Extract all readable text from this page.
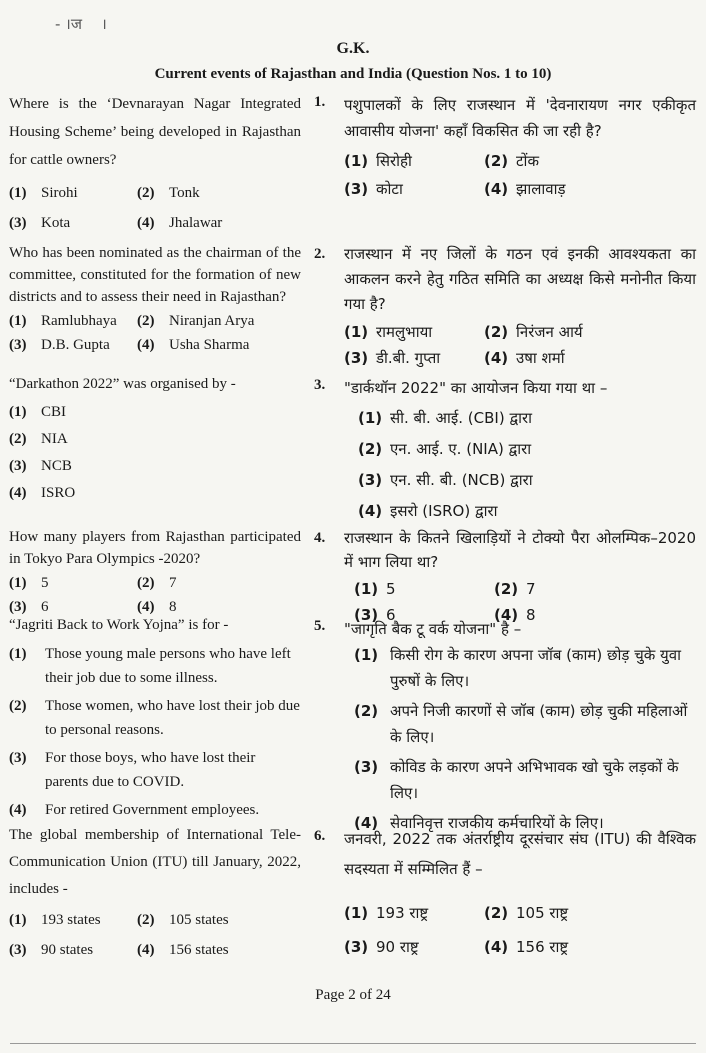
- ।ज    ।
G.K.
Current events of Rajasthan and India (Question Nos. 1 to 10)
Where is the ‘Devnarayan Nagar Integrated Housing Scheme’ being developed in Rajasthan for cattle owners?
(1) Sirohi	(2) Tonk
(3) Kota	(4) Jhalawar
1. पशुपालकों के लिए राजस्थान में 'देवनारायण नगर एकीकृत आवासीय योजना' कहाँ विकसित की जा रही है?
(1) सिरोही	(2) टोंक
(3) कोटा	(4) झालावाड़
Who has been nominated as the chairman of the committee, constituted for the formation of new districts and to assess their need in Rajasthan?
(1) Ramlubhaya (2) Niranjan Arya
(3) D.B. Gupta (4) Usha Sharma
2. राजस्थान में नए जिलों के गठन एवं इनकी आवश्यकता का आकलन करने हेतु गठित समिति का अध्यक्ष किसे मनोनीत किया गया है?
(1) रामलुभाया	(2) निरंजन आर्य
(3) डी.बी. गुप्ता	(4) उषा शर्मा
“Darkathon 2022” was organised by -
(1) CBI
(2) NIA
(3) NCB
(4) ISRO
3. "डार्कथॉन 2022" का आयोजन किया गया था –
(1) सी. बी. आई. (CBI) द्वारा
(2) एन. आई. ए. (NIA) द्वारा
(3) एन. सी. बी. (NCB) द्वारा
(4) इसरो (ISRO) द्वारा
How many players from Rajasthan participated in Tokyo Para Olympics -2020?
(1) 5	(2) 7
(3) 6	(4) 8
4. राजस्थान के कितने खिलाड़ियों ने टोक्यो पैरा ओलम्पिक–2020 में भाग लिया था?
(1) 5	(2) 7
(3) 6	(4) 8
“Jagriti Back to Work Yojna” is for -
(1)	Those young male persons who have left their job due to some illness.
(2)	Those women, who have lost their job due to personal reasons.
(3)	For those boys, who have lost their parents due to COVID.
(4)	For retired Government employees.
5. "जागृति बैक टू वर्क योजना" है –
(1) किसी रोग के कारण अपना जॉब (काम) छोड़ चुके युवा पुरुषों के लिए।
(2) अपने निजी कारणों से जॉब (काम) छोड़ चुकी महिलाओं के लिए।
(3) कोविड के कारण अपने अभिभावक खो चुके लड़कों के लिए।
(4) सेवानिवृत्त राजकीय कर्मचारियों के लिए।
The global membership of International Tele-Communication Union (ITU) till January, 2022, includes -
(1) 193 states (2) 105 states
(3) 90 states	(4) 156 states
6. जनवरी, 2022 तक अंतर्राष्ट्रीय दूरसंचार संघ (ITU) की वैश्विक सदस्यता में सम्मिलित हैं –
(1) 193 राष्ट्र	(2) 105 राष्ट्र
(3) 90 राष्ट्र	(4) 156 राष्ट्र
Page 2 of 24
